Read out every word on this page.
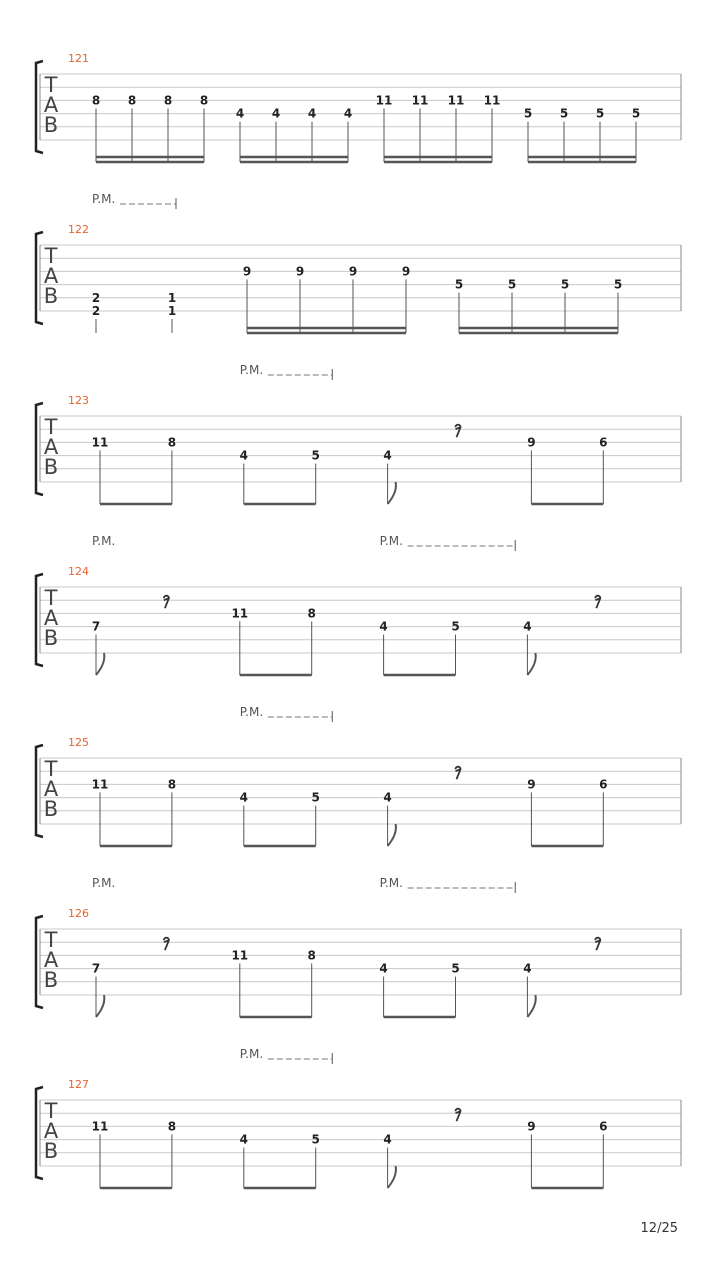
T
A
B
121
8 8 8 8
4 4 4 4
11 11 11 11
5 5 5 5
T
A
B
122
P.M.
2
2
1
1
9	9	9	9
5	5	5	5
T
A
B
123
P.M.
11	8
4	5	4
9	6
T
A
B
124
P.M.	P.M.
7
11	8
4	5	4
T
A
B
125
P.M.
11	8
4	5	4
9	6
T
A
B
126
P.M.	P.M.
7
11	8
4	5	4
T
A
B
127
P.M.
11	8
4	5	4
9	6
12/25
